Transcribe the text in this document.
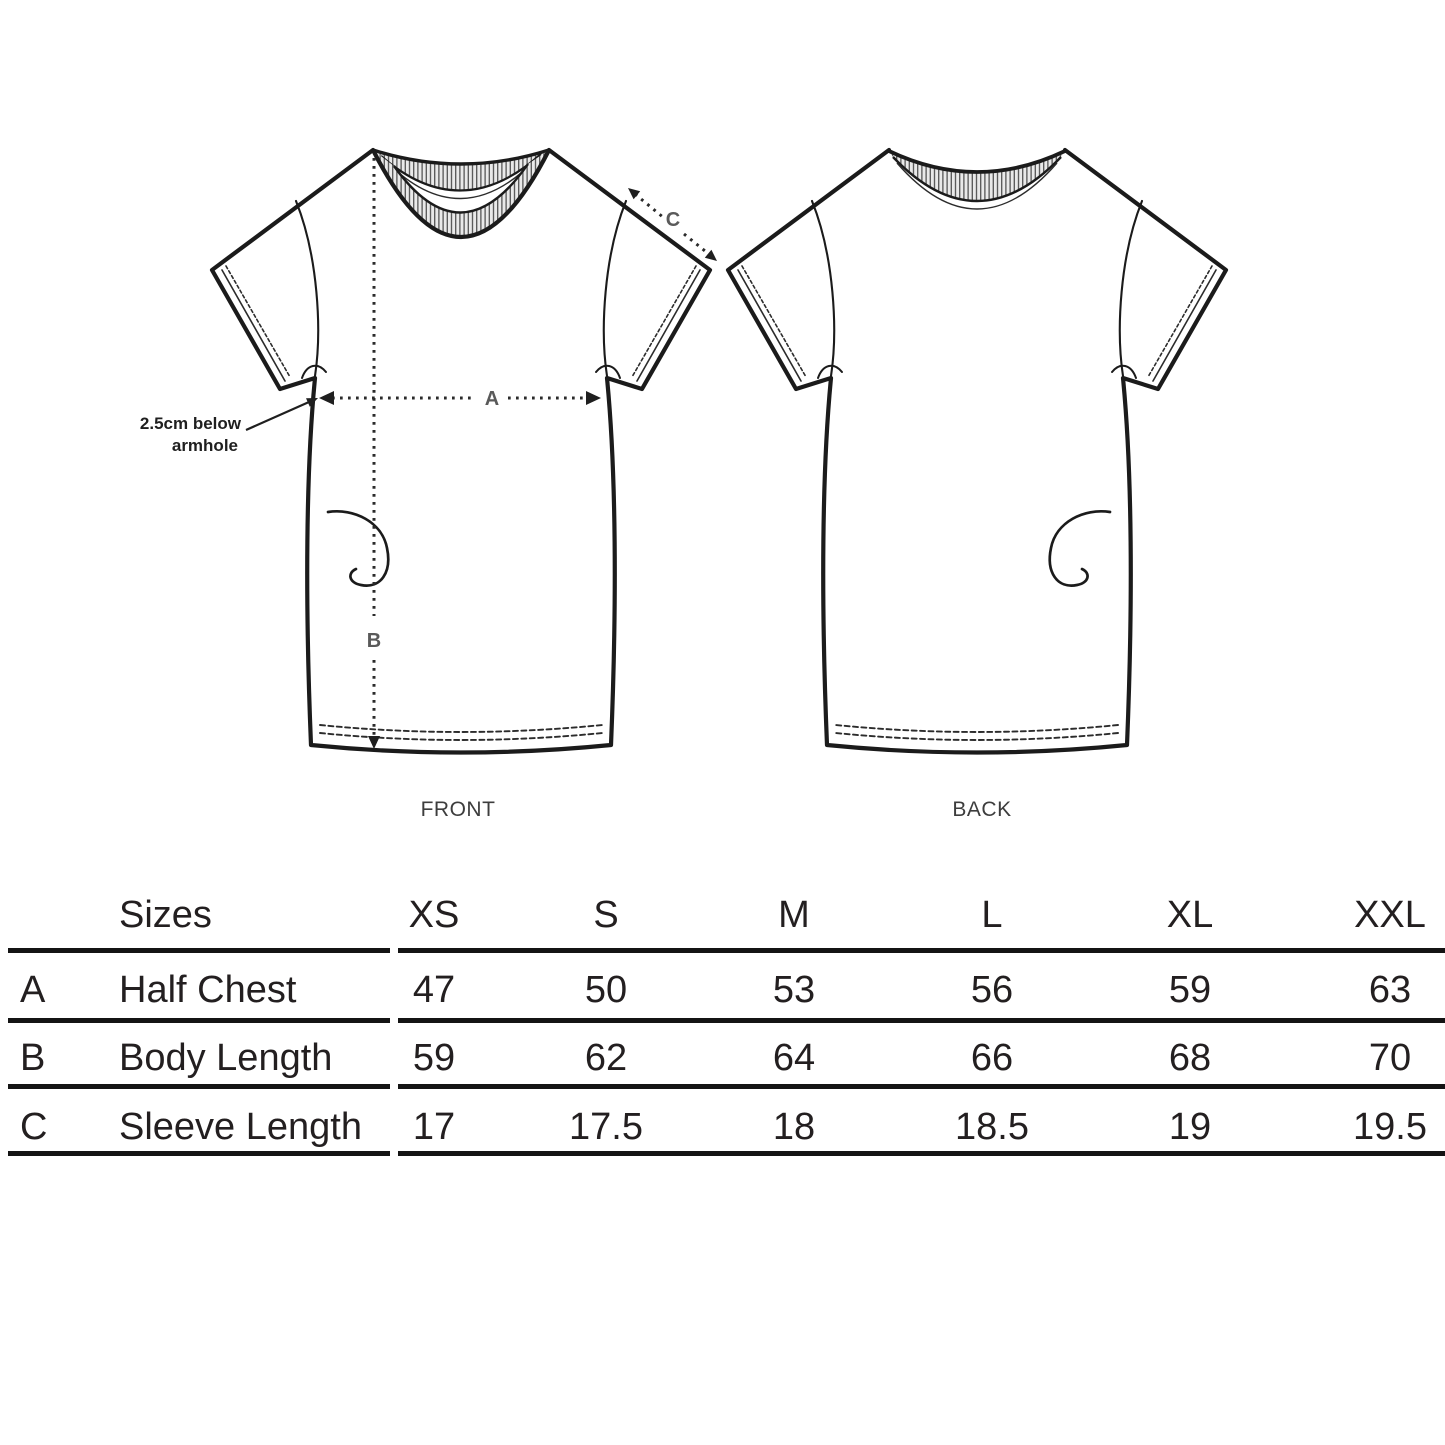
A
B
C
2.5cm below
armhole
FRONT	BACK
Sizes	XS	S	M	L	XL	XXL
A Half Chest	47	50	53	56	59	63
B Body Length	59	62	64	66	68	70
C Sleeve Length	17	17.5	18	18.5	19	19.5
